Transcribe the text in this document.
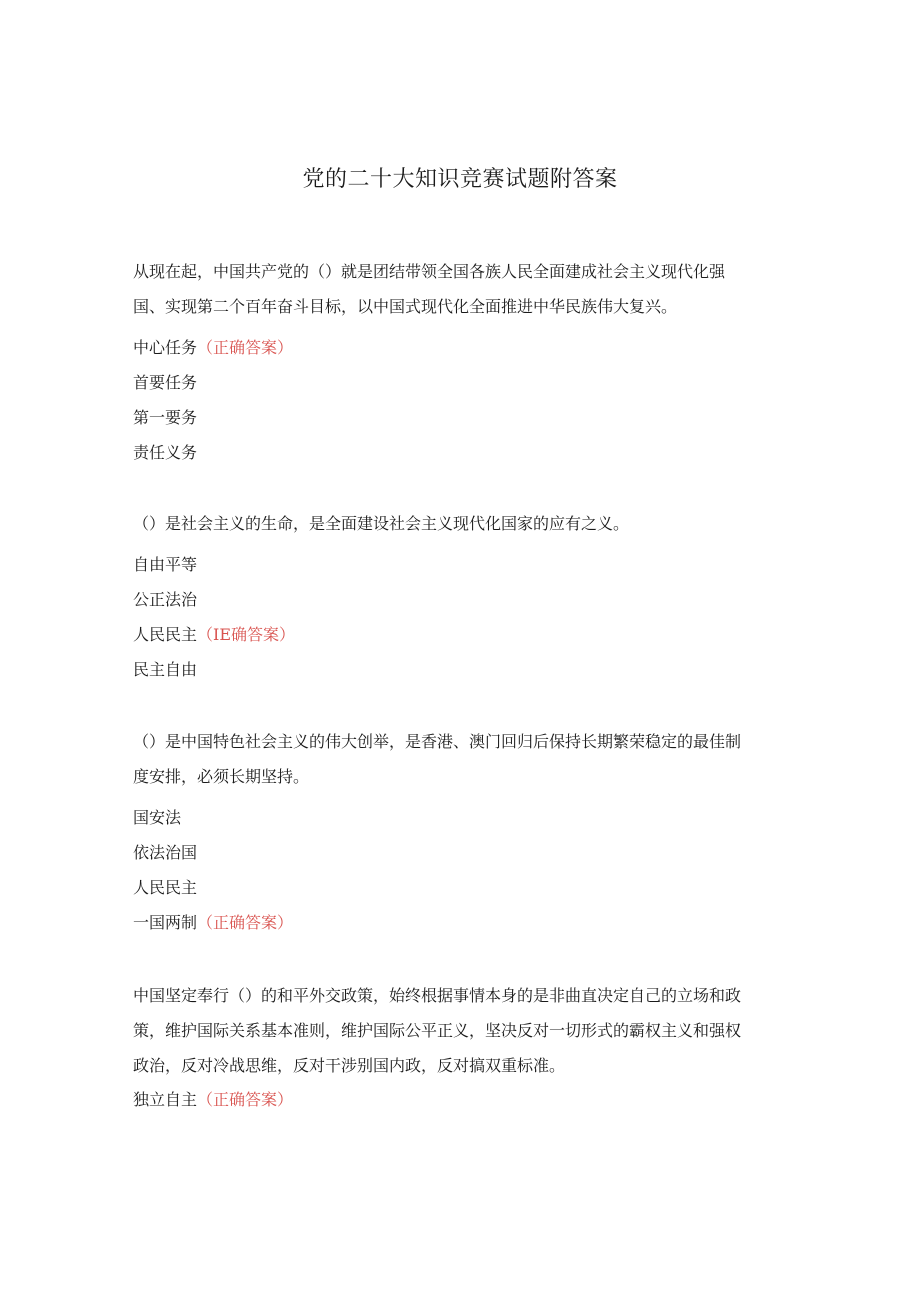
党的二十大知识竞赛试题附答案

从现在起，中国共产党的（）就是团结带领全国各族人民全面建成社会主义现代化强

国、实现第二个百年奋斗目标，以中国式现代化全面推进中华民族伟大复兴。

中心任务（正确答案）
首要任务
第一要务
责任义务

（）是社会主义的生命，是全面建设社会主义现代化国家的应有之义。

自由平等
公正法治
人民民主（IE确答案）
民主自由

（）是中国特色社会主义的伟大创举，是香港、澳门回归后保持长期繁荣稳定的最佳制

度安排，必须长期坚持。

国安法
依法治国
人民民主
一国两制（正确答案）

中国坚定奉行（）的和平外交政策，始终根据事情本身的是非曲直决定自己的立场和政

策，维护国际关系基本准则，维护国际公平正义，坚决反对一切形式的霸权主义和强权

政治，反对冷战思维，反对干涉别国内政，反对搞双重标准。

独立自主（正确答案）
